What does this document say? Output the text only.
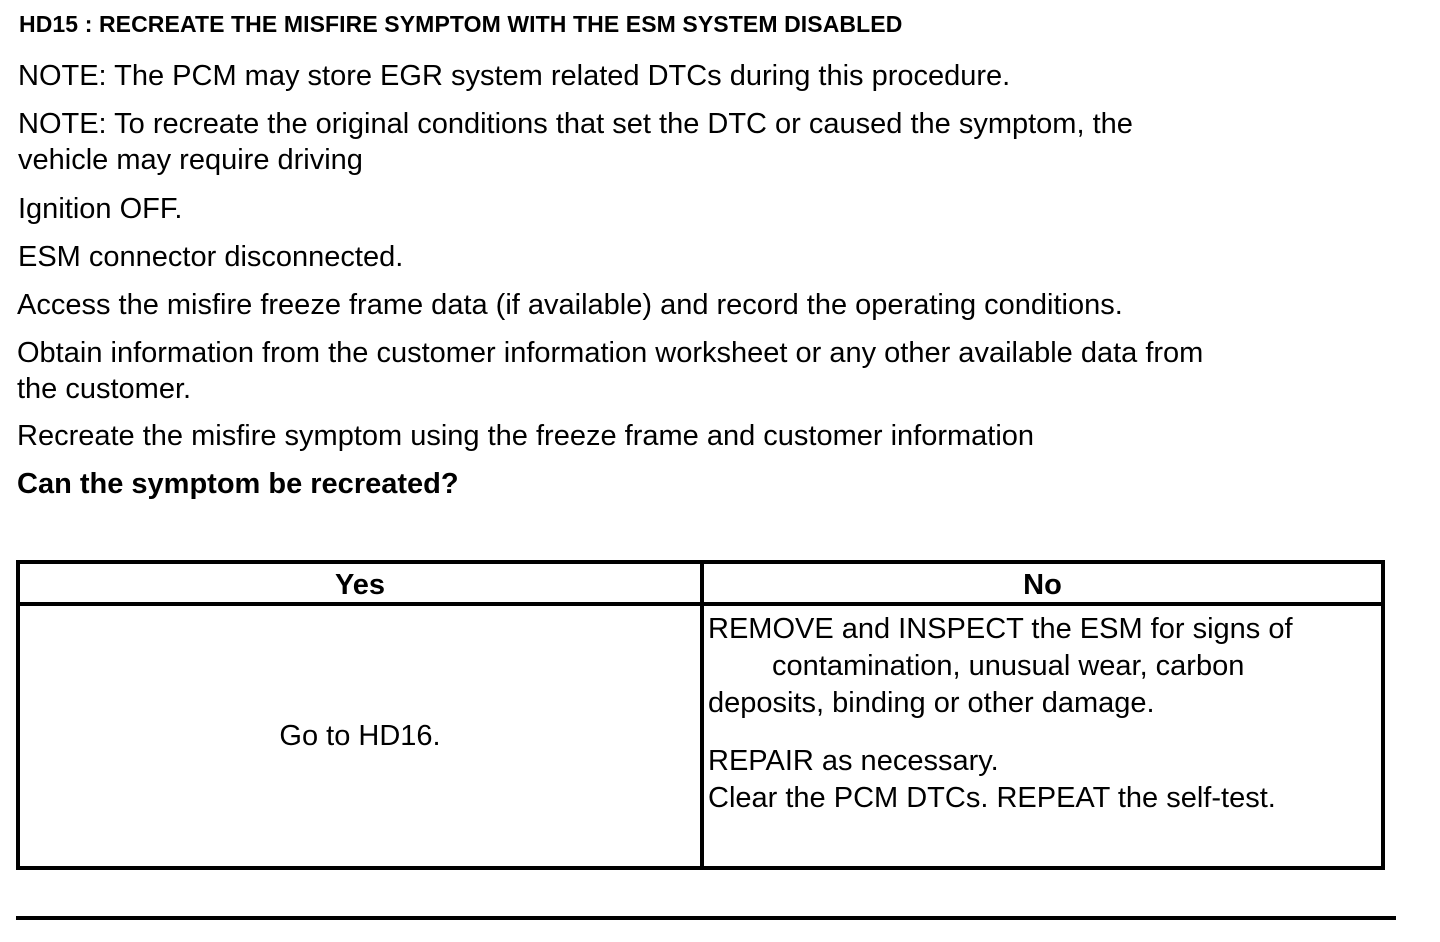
HD15 : RECREATE THE MISFIRE SYMPTOM WITH THE ESM SYSTEM DISABLED
NOTE: The PCM may store EGR system related DTCs during this procedure.
NOTE: To recreate the original conditions that set the DTC or caused the symptom, the
vehicle may require driving
Ignition OFF.
ESM connector disconnected.
Access the misfire freeze frame data (if available) and record the operating conditions.
Obtain information from the customer information worksheet or any other available data from
the customer.
Recreate the misfire symptom using the freeze frame and customer information
Can the symptom be recreated?
Yes	No
Go to HD16.
REMOVE and INSPECT the ESM for signs of
contamination, unusual wear, carbon
deposits, binding or other damage.
REPAIR as necessary.
Clear the PCM DTCs. REPEAT the self-test.
